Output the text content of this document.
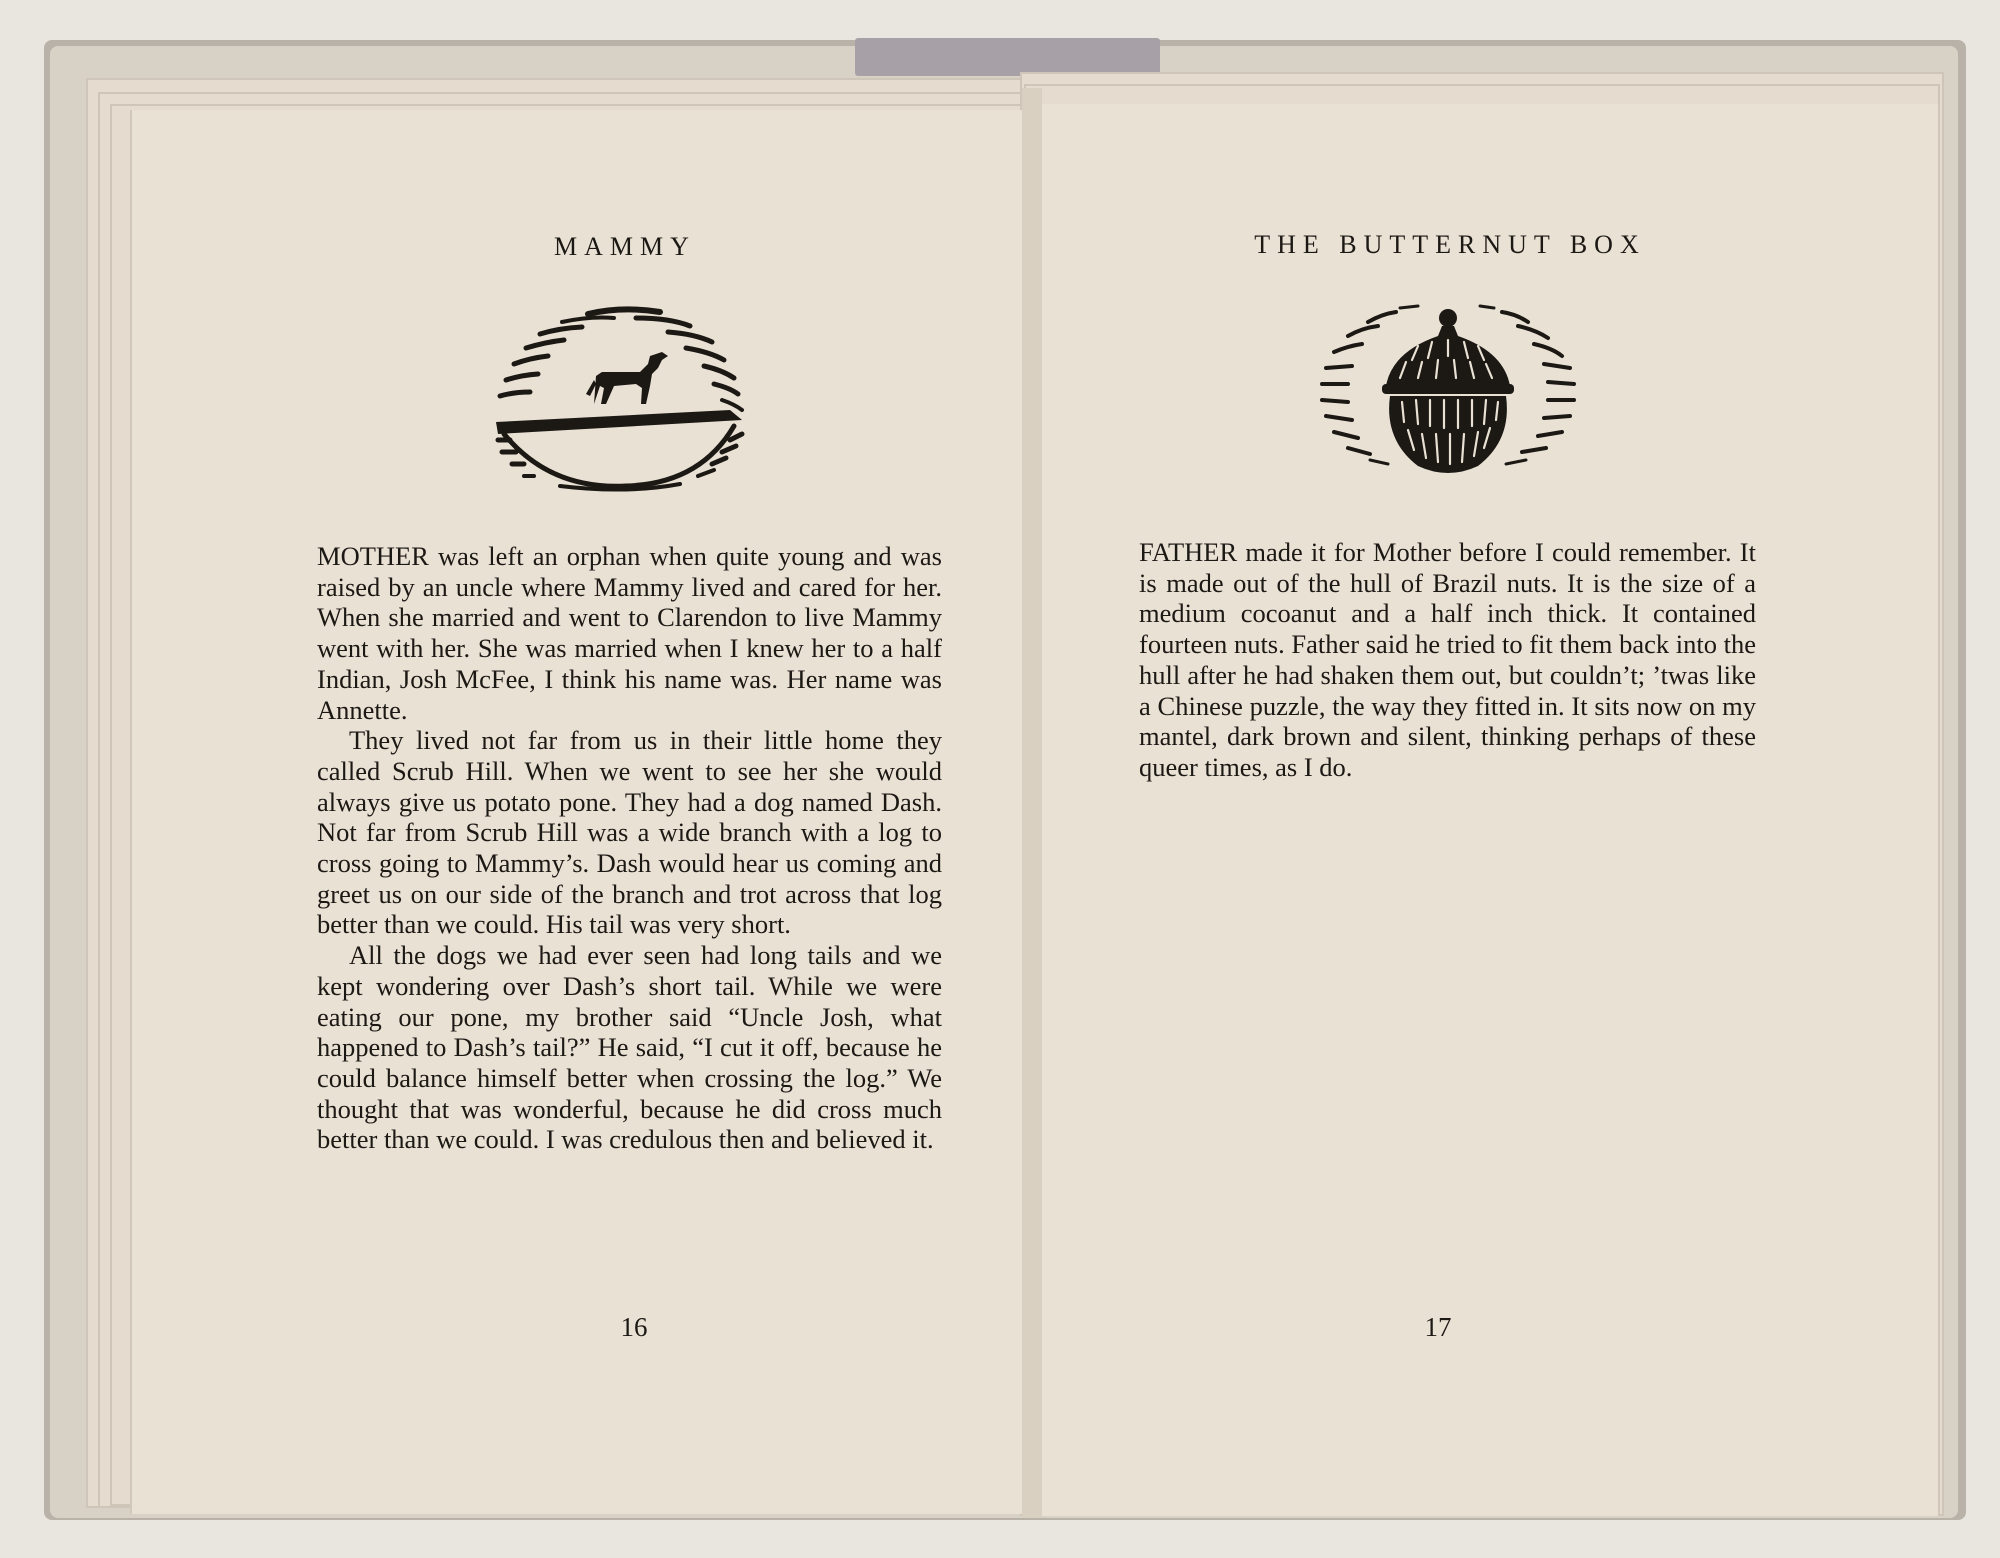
MAMMY	THE BUTTERNUT BOX

MOTHER was left an orphan when quite young and was raised by an uncle where Mammy lived and cared for her. When she married and went to Clarendon to live Mammy went with her. She was married when I knew her to a half Indian, Josh McFee, I think his name was. Her name was Annette.

They lived not far from us in their little home they called Scrub Hill. When we went to see her she would always give us potato pone. They had a dog named Dash. Not far from Scrub Hill was a wide branch with a log to cross going to Mammy’s. Dash would hear us coming and greet us on our side of the branch and trot across that log better than we could. His tail was very short.

All the dogs we had ever seen had long tails and we kept wondering over Dash’s short tail. While we were eating our pone, my brother said “Uncle Josh, what happened to Dash’s tail?” He said, “I cut it off, because he could balance himself better when crossing the log.” We thought that was wonderful, because he did cross much better than we could. I was credulous then and believed it.

FATHER made it for Mother before I could remember. It is made out of the hull of Brazil nuts. It is the size of a medium cocoanut and a half inch thick. It contained fourteen nuts. Father said he tried to fit them back into the hull after he had shaken them out, but couldn’t; ’twas like a Chinese puzzle, the way they fitted in. It sits now on my mantel, dark brown and silent, thinking perhaps of these queer times, as I do.

16	17
